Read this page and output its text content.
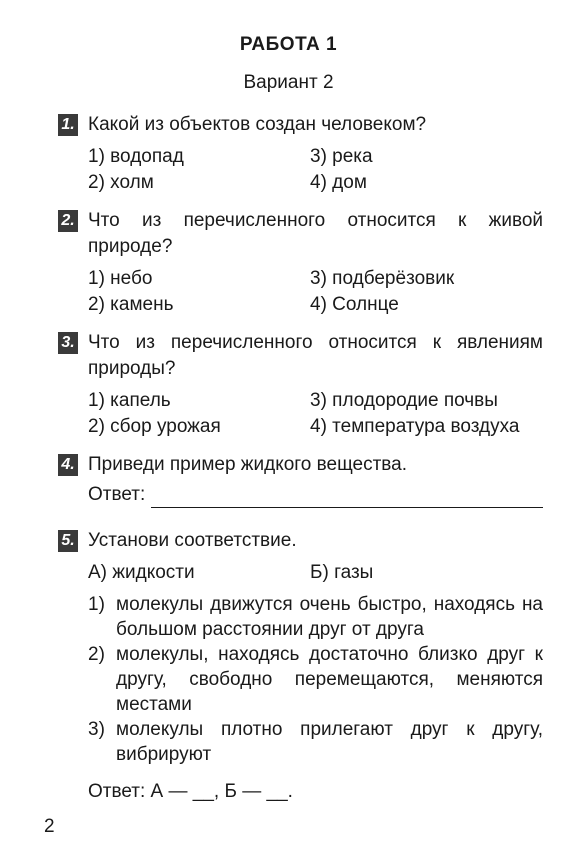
РАБОТА 1
Вариант 2
1. Какой из объектов создан человеком?
1) водопад	3) река
2) холм	4) дом
2. Что из перечисленного относится к живой природе?
1) небо	3) подберёзовик
2) камень	4) Солнце
3. Что из перечисленного относится к явлениям природы?
1) капель	3) плодородие почвы
2) сбор урожая	4) температура воздуха
4. Приведи пример жидкого вещества.
Ответ:
5. Установи соответствие.
А) жидкости	Б) газы
1) молекулы движутся очень быстро, находясь на большом расстоянии друг от друга
2) молекулы, находясь достаточно близко друг к другу, свободно перемещаются, меняются местами
3) молекулы плотно прилегают друг к другу, вибрируют
Ответ: А — __, Б — __.
2
